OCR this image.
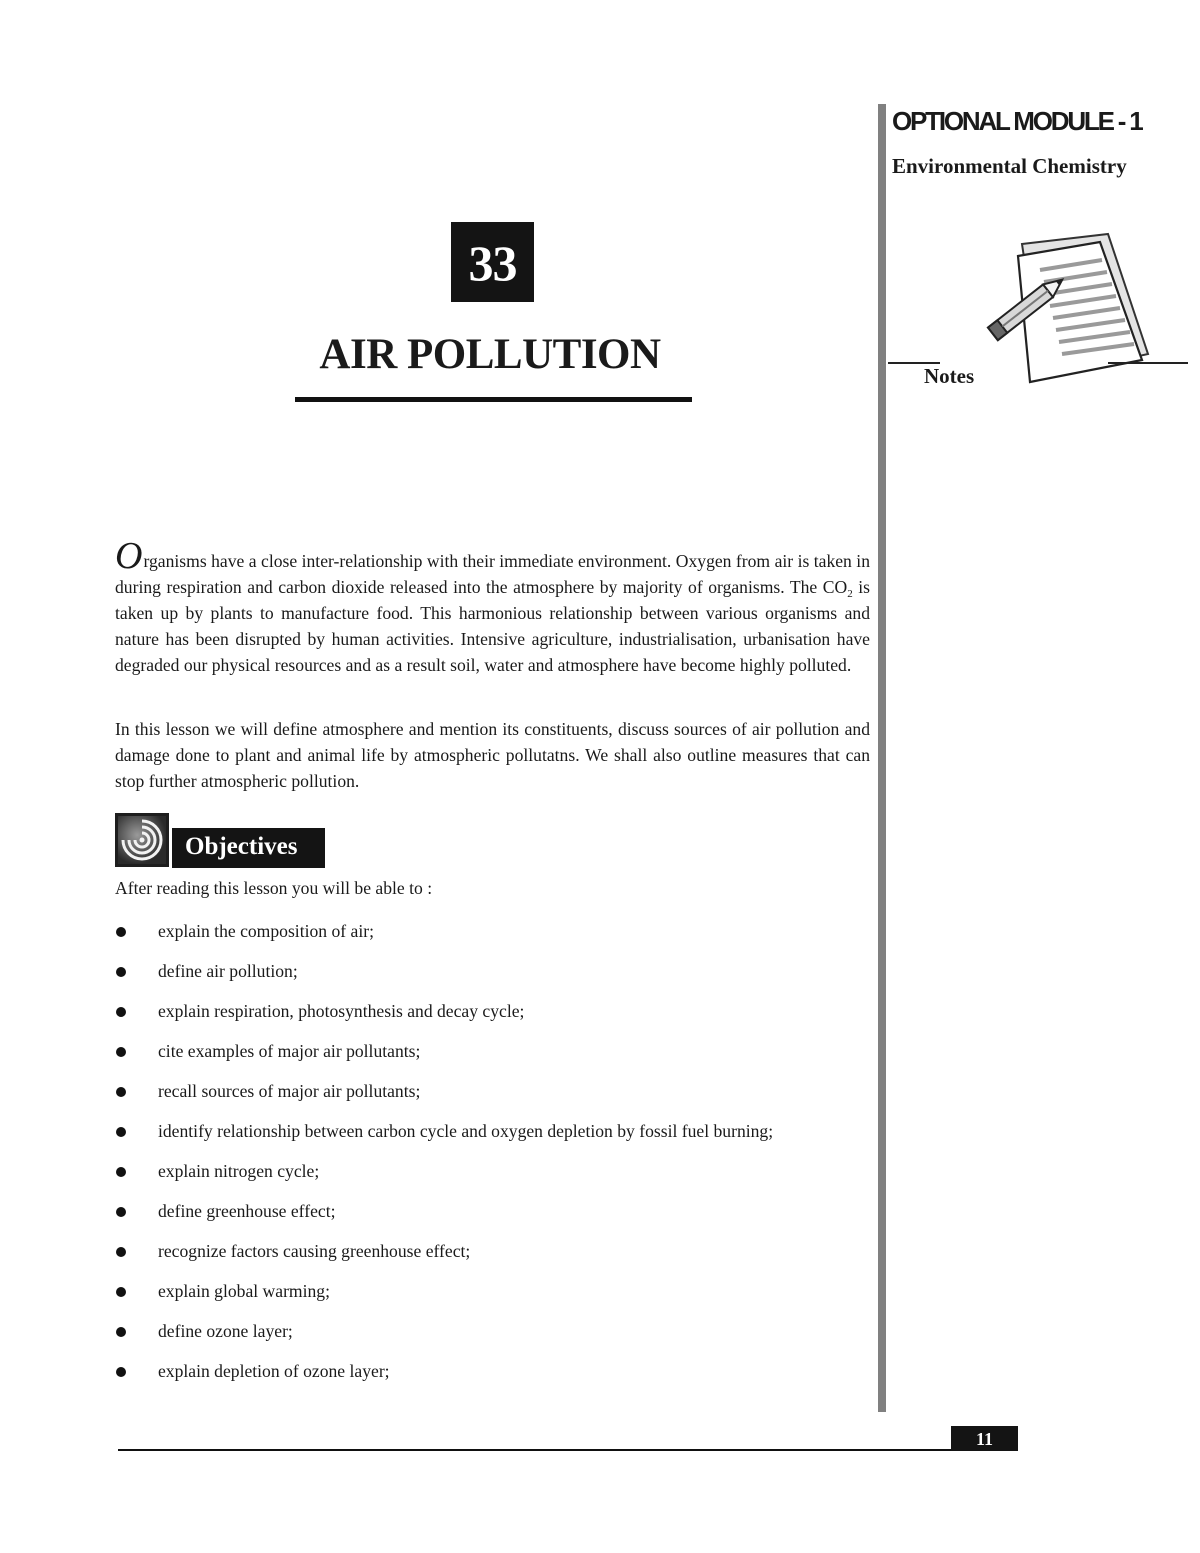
OPTIONAL MODULE - 1
Environmental Chemistry
Notes
33
AIR POLLUTION

Organisms have a close inter-relationship with their immediate environment. Oxygen from air is taken in during respiration and carbon dioxide released into the atmosphere by majority of organisms. The $CO_2$ is taken up by plants to manufacture food. This harmonious relationship between various organisms and nature has been disrupted by human activities. Intensive agriculture, industrialisation, urbanisation have degraded our physical resources and as a result soil, water and atmosphere have become highly polluted.

In this lesson we will define atmosphere and mention its constituents, discuss sources of air pollution and damage done to plant and animal life by atmospheric pollutatns. We shall also outline measures that can stop further atmospheric pollution.

Objectives
After reading this lesson you will be able to :
explain the composition of air;
define air pollution;
explain respiration, photosynthesis and decay cycle;
cite examples of major air pollutants;
recall sources of major air pollutants;
identify relationship between carbon cycle and oxygen depletion by fossil fuel burning;
explain nitrogen cycle;
define greenhouse effect;
recognize factors causing greenhouse effect;
explain global warming;
define ozone layer;
explain depletion of ozone layer;
11
